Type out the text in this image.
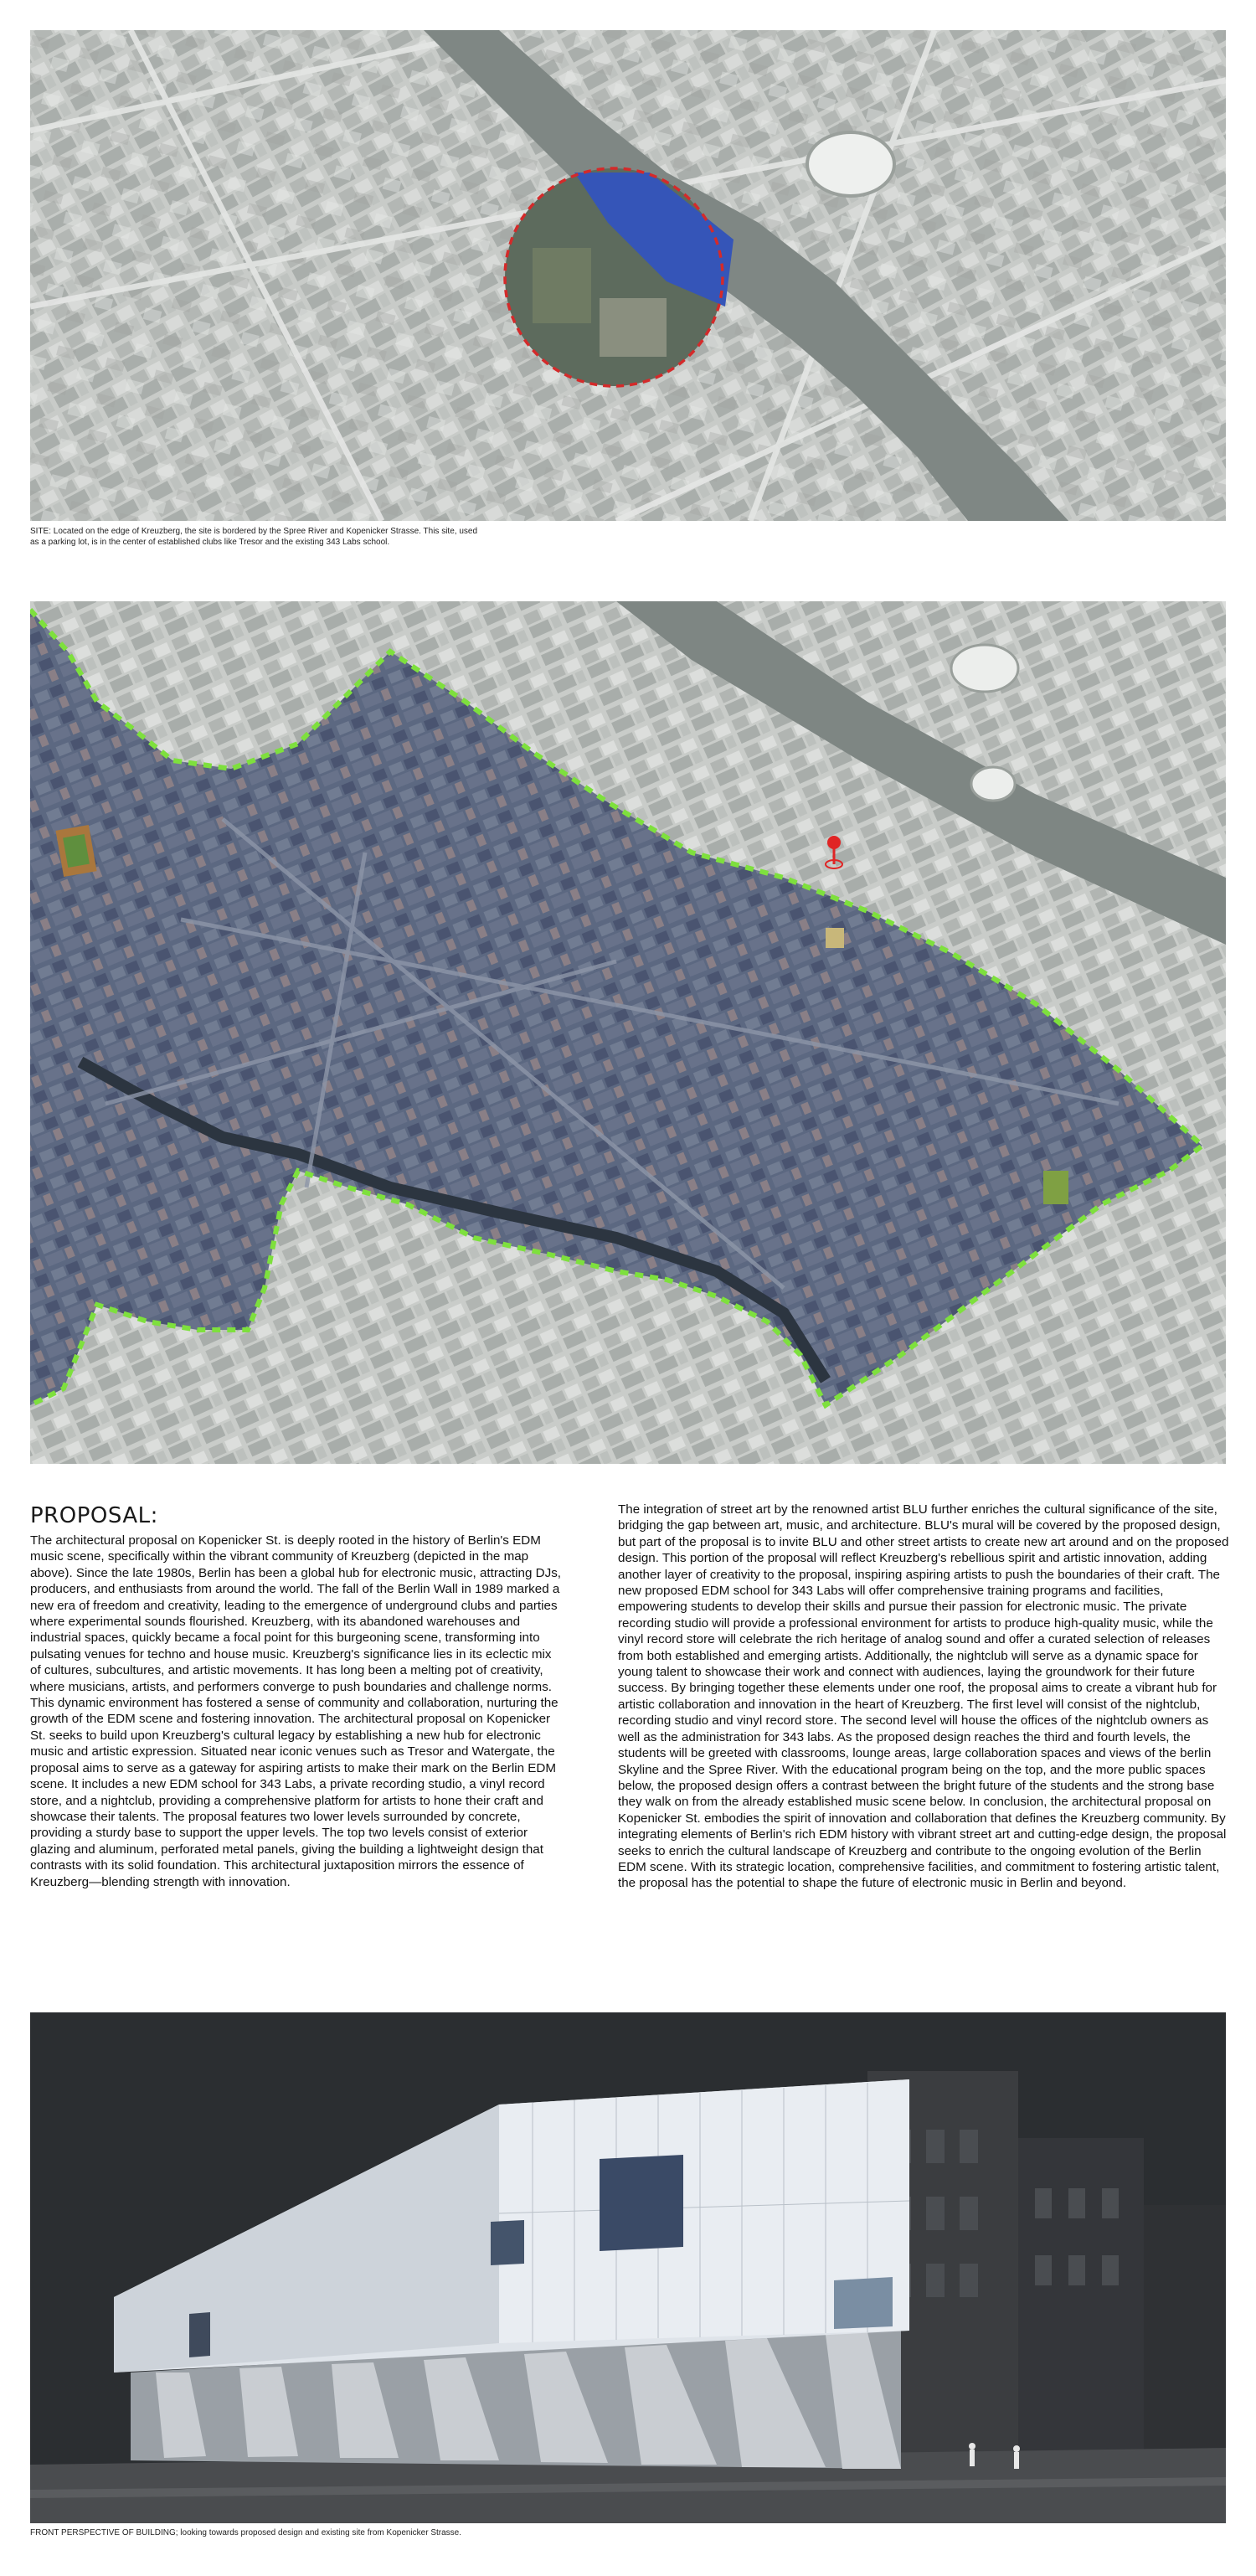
SITE: Located on the edge of Kreuzberg, the site is bordered by the Spree River and Kopenicker Strasse. This site, used as a parking lot, is in the center of established clubs like Tresor and the existing 343 Labs school.
PROPOSAL:

The architectural proposal on Kopenicker St. is deeply rooted in the history of Berlin's EDM music scene, specifically within the vibrant community of Kreuzberg (depicted in the map above). Since the late 1980s, Berlin has been a global hub for electronic music, attracting DJs, producers, and enthusiasts from around the world. The fall of the Berlin Wall in 1989 marked a new era of freedom and creativity, leading to the emergence of underground clubs and parties where experimental sounds flourished. Kreuzberg, with its abandoned warehouses and industrial spaces, quickly became a focal point for this burgeoning scene, transforming into pulsating venues for techno and house music. Kreuzberg's significance lies in its eclectic mix of cultures, subcultures, and artistic movements. It has long been a melting pot of creativity, where musicians, artists, and performers converge to push boundaries and challenge norms. This dynamic environment has fostered a sense of community and collaboration, nurturing the growth of the EDM scene and fostering innovation. The architectural proposal on Kopenicker St. seeks to build upon Kreuzberg's cultural legacy by establishing a new hub for electronic music and artistic expression. Situated near iconic venues such as Tresor and Watergate, the proposal aims to serve as a gateway for aspiring artists to make their mark on the Berlin EDM scene. It includes a new EDM school for 343 Labs, a private recording studio, a vinyl record store, and a nightclub, providing a comprehensive platform for artists to hone their craft and showcase their talents. The proposal features two lower levels surrounded by concrete, providing a sturdy base to support the upper levels. The top two levels consist of exterior glazing and aluminum, perforated metal panels, giving the building a lightweight design that contrasts with its solid foundation. This architectural juxtaposition mirrors the essence of Kreuzberg—blending strength with innovation.

The integration of street art by the renowned artist BLU further enriches the cultural significance of the site, bridging the gap between art, music, and architecture. BLU's mural will be covered by the proposed design, but part of the proposal is to invite BLU and other street artists to create new art around and on the proposed design. This portion of the proposal will reflect Kreuzberg's rebellious spirit and artistic innovation, adding another layer of creativity to the proposal, inspiring aspiring artists to push the boundaries of their craft. The new proposed EDM school for 343 Labs will offer comprehensive training programs and facilities, empowering students to develop their skills and pursue their passion for electronic music. The private recording studio will provide a professional environment for artists to produce high-quality music, while the vinyl record store will celebrate the rich heritage of analog sound and offer a curated selection of releases from both established and emerging artists. Additionally, the nightclub will serve as a dynamic space for young talent to showcase their work and connect with audiences, laying the groundwork for their future success. By bringing together these elements under one roof, the proposal aims to create a vibrant hub for artistic collaboration and innovation in the heart of Kreuzberg. The first level will consist of the nightclub, recording studio and vinyl record store. The second level will house the offices of the nightclub owners as well as the administration for 343 labs. As the proposed design reaches the third and fourth levels, the students will be greeted with classrooms, lounge areas, large collaboration spaces and views of the berlin Skyline and the Spree River. With the educational program being on the top, and the more public spaces below, the proposed design offers a contrast between the bright future of the students and the strong base they walk on from the already established music scene below. In conclusion, the architectural proposal on Kopenicker St. embodies the spirit of innovation and collaboration that defines the Kreuzberg community. By integrating elements of Berlin's rich EDM history with vibrant street art and cutting-edge design, the proposal seeks to enrich the cultural landscape of Kreuzberg and contribute to the ongoing evolution of the Berlin EDM scene. With its strategic location, comprehensive facilities, and commitment to fostering artistic talent, the proposal has the potential to shape the future of electronic music in Berlin and beyond.

FRONT PERSPECTIVE OF BUILDING; looking towards proposed design and existing site from Kopenicker Strasse.
